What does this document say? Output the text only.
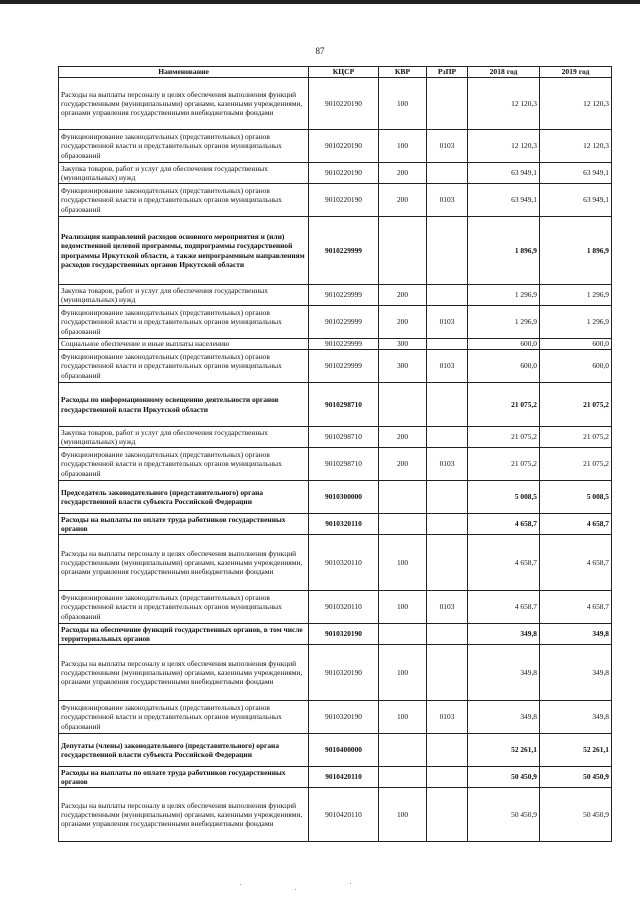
87
Наименование	КЦСР	КВР	РзПР	2018 год	2019 год
Расходы на выплаты персоналу в целях обеспечения выполнения функций государственными (муниципальными) органами, казенными учреждениями, органами управления государственными внебюджетными фондами	9010220190	100		12 120,3	12 120,3
Функционирование законодательных (представительных) органов государственной власти и представительных органов муниципальных образований	9010220190	100	0103	12 120,3	12 120,3
Закупка товаров, работ и услуг для обеспечения государственных (муниципальных) нужд	9010220190	200		63 949,1	63 949,1
Функционирование законодательных (представительных) органов государственной власти и представительных органов муниципальных образований	9010220190	200	0103	63 949,1	63 949,1
Реализация направлений расходов основного мероприятия и (или) ведомственной целевой программы, подпрограммы государственной программы Иркутской области, а также непрограммным направлениям расходов государственных органов Иркутской области	9010229999			1 896,9	1 896,9
Закупка товаров, работ и услуг для обеспечения государственных (муниципальных) нужд	9010229999	200		1 296,9	1 296,9
Функционирование законодательных (представительных) органов государственной власти и представительных органов муниципальных образований	9010229999	200	0103	1 296,9	1 296,9
Социальное обеспечение и иные выплаты населению	9010229999	300		600,0	600,0
Функционирование законодательных (представительных) органов государственной власти и представительных органов муниципальных образований	9010229999	300	0103	600,0	600,0
Расходы по информационному освещению деятельности органов государственной власти Иркутской области	9010298710			21 075,2	21 075,2
Закупка товаров, работ и услуг для обеспечения государственных (муниципальных) нужд	9010298710	200		21 075,2	21 075,2
Функционирование законодательных (представительных) органов государственной власти и представительных органов муниципальных образований	9010298710	200	0103	21 075,2	21 075,2
Председатель законодательного (представительного) органа государственной власти субъекта Российской Федерации	9010300000			5 008,5	5 008,5
Расходы на выплаты по оплате труда работников государственных органов	9010320110			4 658,7	4 658,7
Расходы на выплаты персоналу в целях обеспечения выполнения функций государственными (муниципальными) органами, казенными учреждениями, органами управления государственными внебюджетными фондами	9010320110	100		4 658,7	4 658,7
Функционирование законодательных (представительных) органов государственной власти и представительных органов муниципальных образований	9010320110	100	0103	4 658,7	4 658,7
Расходы на обеспечение функций государственных органов, в том числе территориальных органов	9010320190			349,8	349,8
Расходы на выплаты персоналу в целях обеспечения выполнения функций государственными (муниципальными) органами, казенными учреждениями, органами управления государственными внебюджетными фондами	9010320190	100		349,8	349,8
Функционирование законодательных (представительных) органов государственной власти и представительных органов муниципальных образований	9010320190	100	0103	349,8	349,8
Депутаты (члены) законодательного (представительного) органа государственной власти субъекта Российской Федерации	9010400000			52 261,1	52 261,1
Расходы на выплаты по оплате труда работников государственных органов	9010420110			50 450,9	50 450,9
Расходы на выплаты персоналу в целях обеспечения выполнения функций государственными (муниципальными) органами, казенными учреждениями, органами управления государственными внебюджетными фондами	9010420110	100		50 450,9	50 450,9
